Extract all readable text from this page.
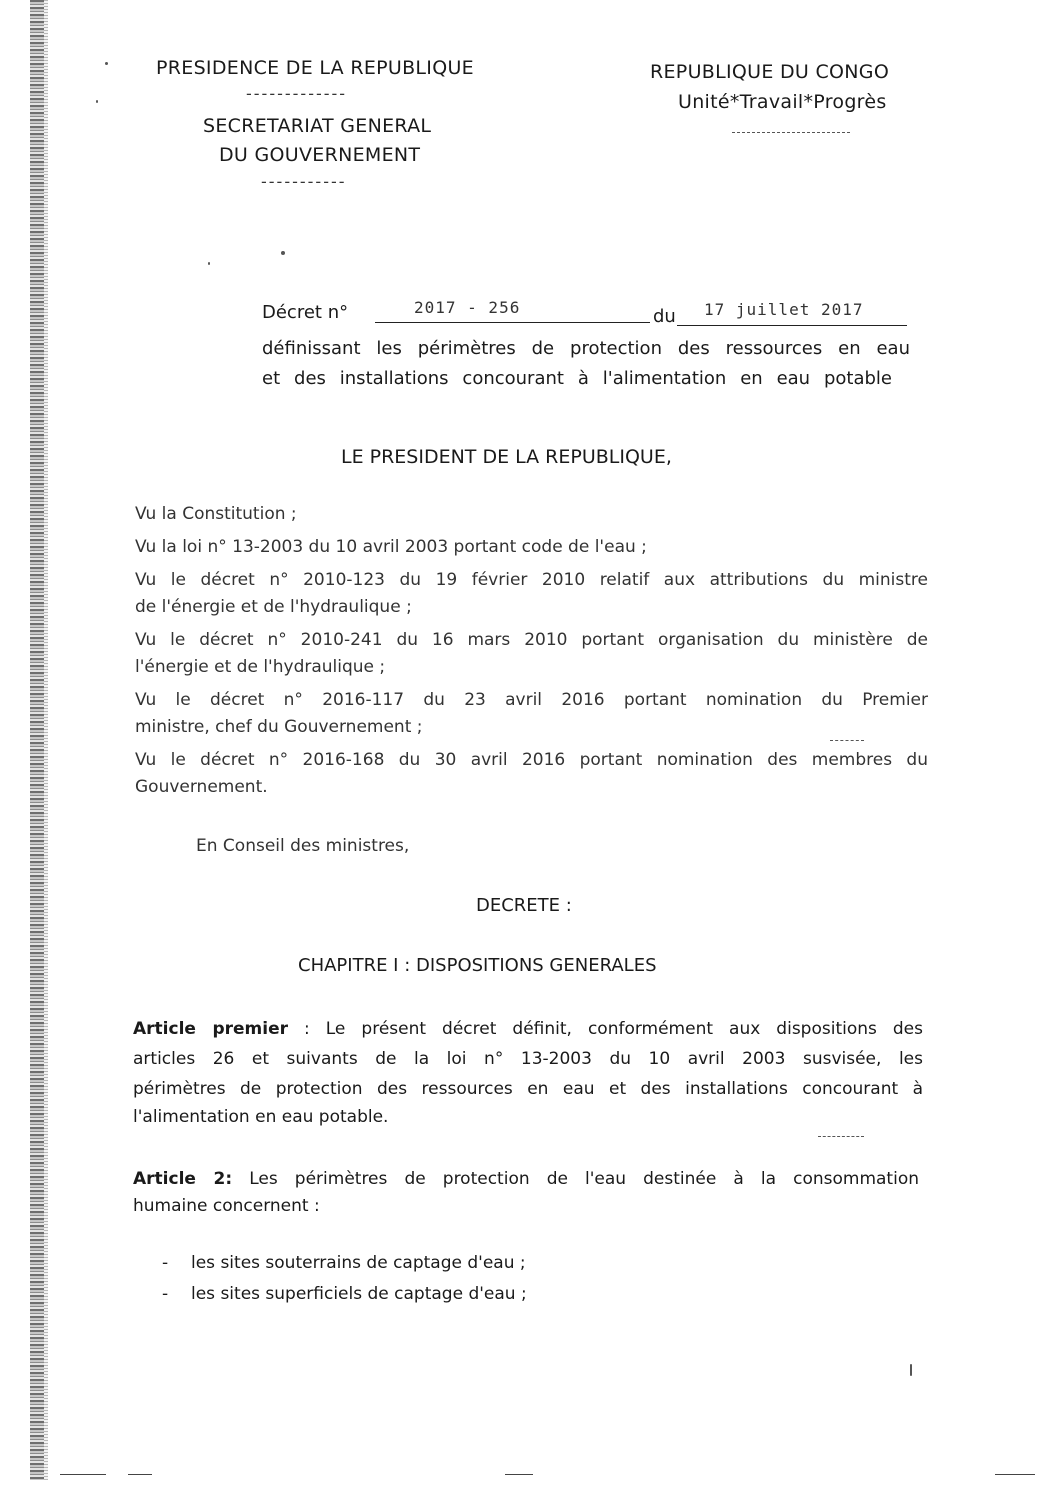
PRESIDENCE DE LA REPUBLIQUE
-------------
SECRETARIAT GENERAL
DU GOUVERNEMENT
-----------
REPUBLIQUE DU CONGO
Unité*Travail*Progrès
Décret n°	2017 - 256	du 17 juillet 2017
définissant les périmètres de protection des ressources en eau
et des installations concourant à l'alimentation en eau potable
LE PRESIDENT DE LA REPUBLIQUE,
Vu la Constitution ;
Vu la loi n° 13-2003 du 10 avril 2003 portant code de l'eau ;
Vu le décret n° 2010-123 du 19 février 2010 relatif aux attributions du ministre
de l'énergie et de l'hydraulique ;
Vu le décret n° 2010-241 du 16 mars 2010 portant organisation du ministère de
l'énergie et de l'hydraulique ;
Vu le décret n° 2016-117 du 23 avril 2016 portant nomination du Premier
ministre, chef du Gouvernement ;
Vu le décret n° 2016-168 du 30 avril 2016 portant nomination des membres du
Gouvernement.
En Conseil des ministres,
DECRETE :
CHAPITRE I : DISPOSITIONS GENERALES
Article premier : Le présent décret définit, conformément aux dispositions des
articles 26 et suivants de la loi n° 13-2003 du 10 avril 2003 susvisée, les
périmètres de protection des ressources en eau et des installations concourant à
l'alimentation en eau potable.
Article 2: Les périmètres de protection de l'eau destinée à la consommation
humaine concernent :
- les sites souterrains de captage d'eau ;
- les sites superficiels de captage d'eau ;
